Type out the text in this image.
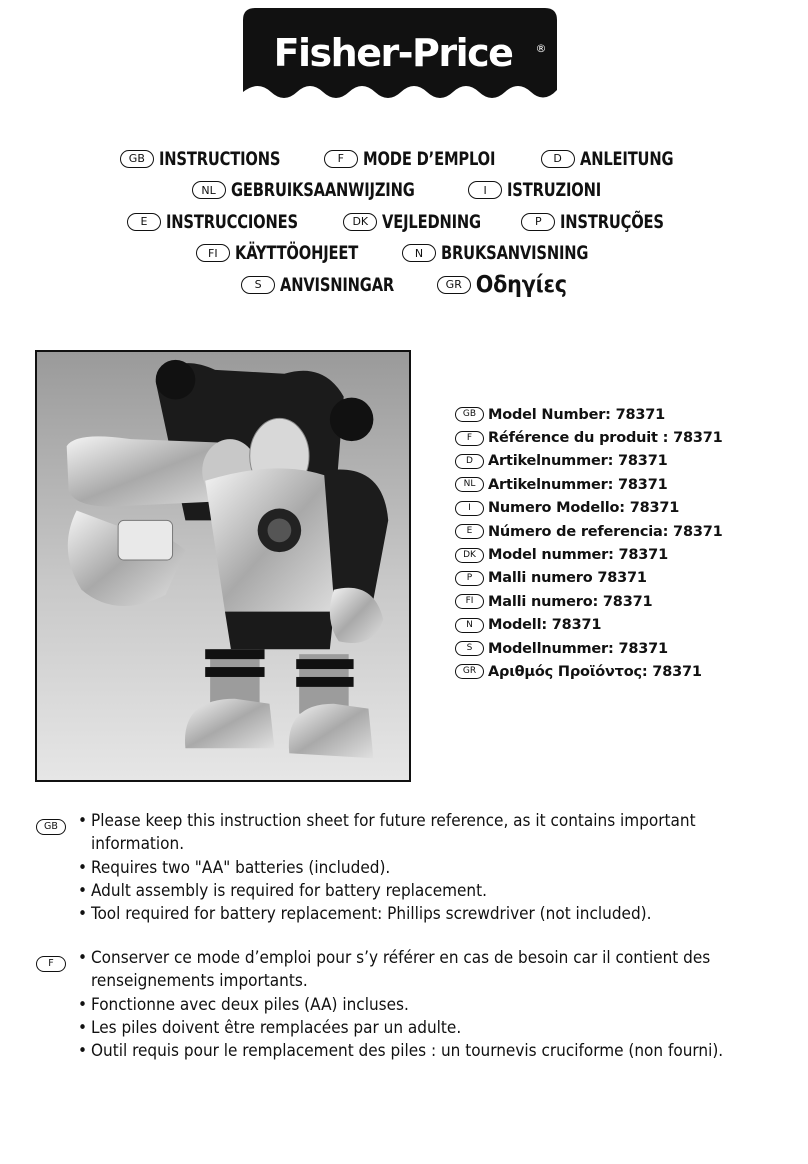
Fisher-Price ®
GB INSTRUCTIONS	F MODE D’EMPLOI	D ANLEITUNG
NL GEBRUIKSAANWIJZING	I	ISTRUZIONI
E INSTRUCCIONES	DK VEJLEDNING	P INSTRUÇÕES
FI KÄYTTÖOHJEET	N BRUKSANVISNING
S ANVISNINGAR	GR Οδηγίες
GB Model Number: 78371
F	Référence du produit : 78371
D	Artikelnummer: 78371
NL Artikelnummer: 78371
I	Numero Modello: 78371
E	Número de referencia: 78371
DK Model nummer: 78371
P	Malli numero 78371
FI	Malli numero: 78371
N	Modell: 78371
S	Modellnummer: 78371
GR Αριθμός Προϊόντος: 78371
GB	• Please keep this instruction sheet for future reference, as it contains important information.
• Requires two "AA" batteries (included).
• Adult assembly is required for battery replacement.
• Tool required for battery replacement: Phillips screwdriver (not included).
F	• Conserver ce mode d’emploi pour s’y référer en cas de besoin car il contient des renseignements importants.
• Fonctionne avec deux piles (AA) incluses.
• Les piles doivent être remplacées par un adulte.
• Outil requis pour le remplacement des piles : un tournevis cruciforme (non fourni).
